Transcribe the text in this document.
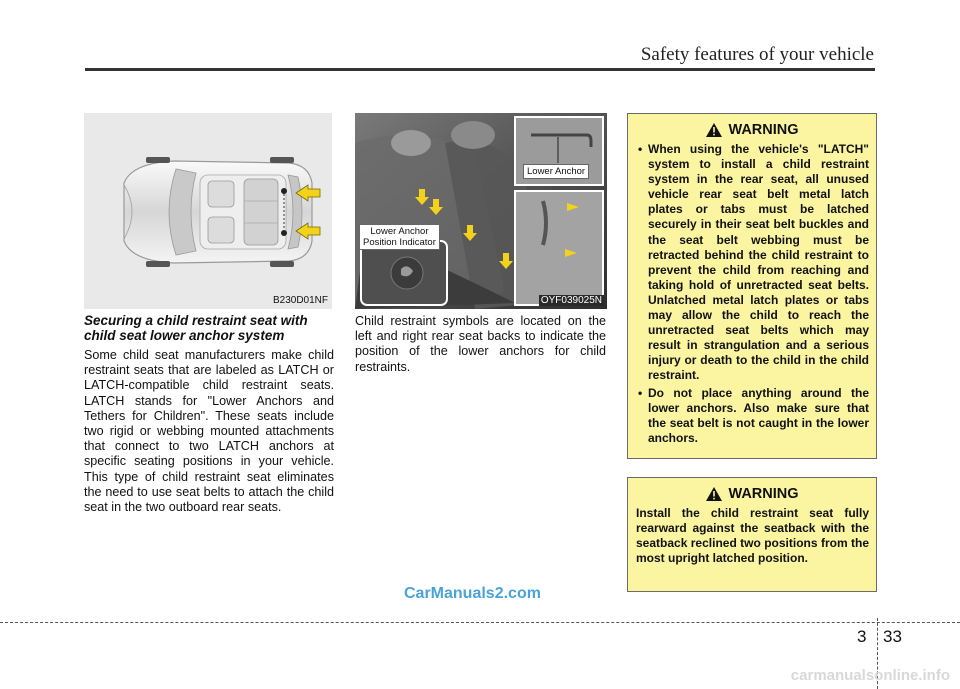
Safety features of your vehicle
B230D01NF
Lower Anchor
Lower Anchor
Position Indicator
OYF039025N
Securing a child restraint seat with child seat lower anchor system

Some child seat manufacturers make child restraint seats that are labeled as LATCH or LATCH-compatible child restraint seats. LATCH stands for "Lower Anchors and Tethers for Children". These seats include two rigid or webbing mounted attachments that connect to two LATCH anchors at specific seating positions in your vehicle. This type of child restraint seat eliminates the need to use seat belts to attach the child seat in the two outboard rear seats.

Child restraint symbols are located on the left and right rear seat backs to indicate the position of the lower anchors for child restraints.

WARNING
• When using the vehicle's "LATCH" system to install a child restraint system in the rear seat, all unused vehicle rear seat belt metal latch plates or tabs must be latched securely in their seat belt buckles and the seat belt webbing must be retracted behind the child restraint to prevent the child from reaching and taking hold of unretracted seat belts. Unlatched metal latch plates or tabs may allow the child to reach the unretracted seat belts which may result in strangulation and a serious injury or death to the child in the child restraint.
• Do not place anything around the lower anchors. Also make sure that the seat belt is not caught in the lower anchors.
WARNING

Install the child restraint seat fully rearward against the seatback with the seatback reclined two positions from the most upright latched position.

CarManuals2.com
3 33
carmanualsonline.info
